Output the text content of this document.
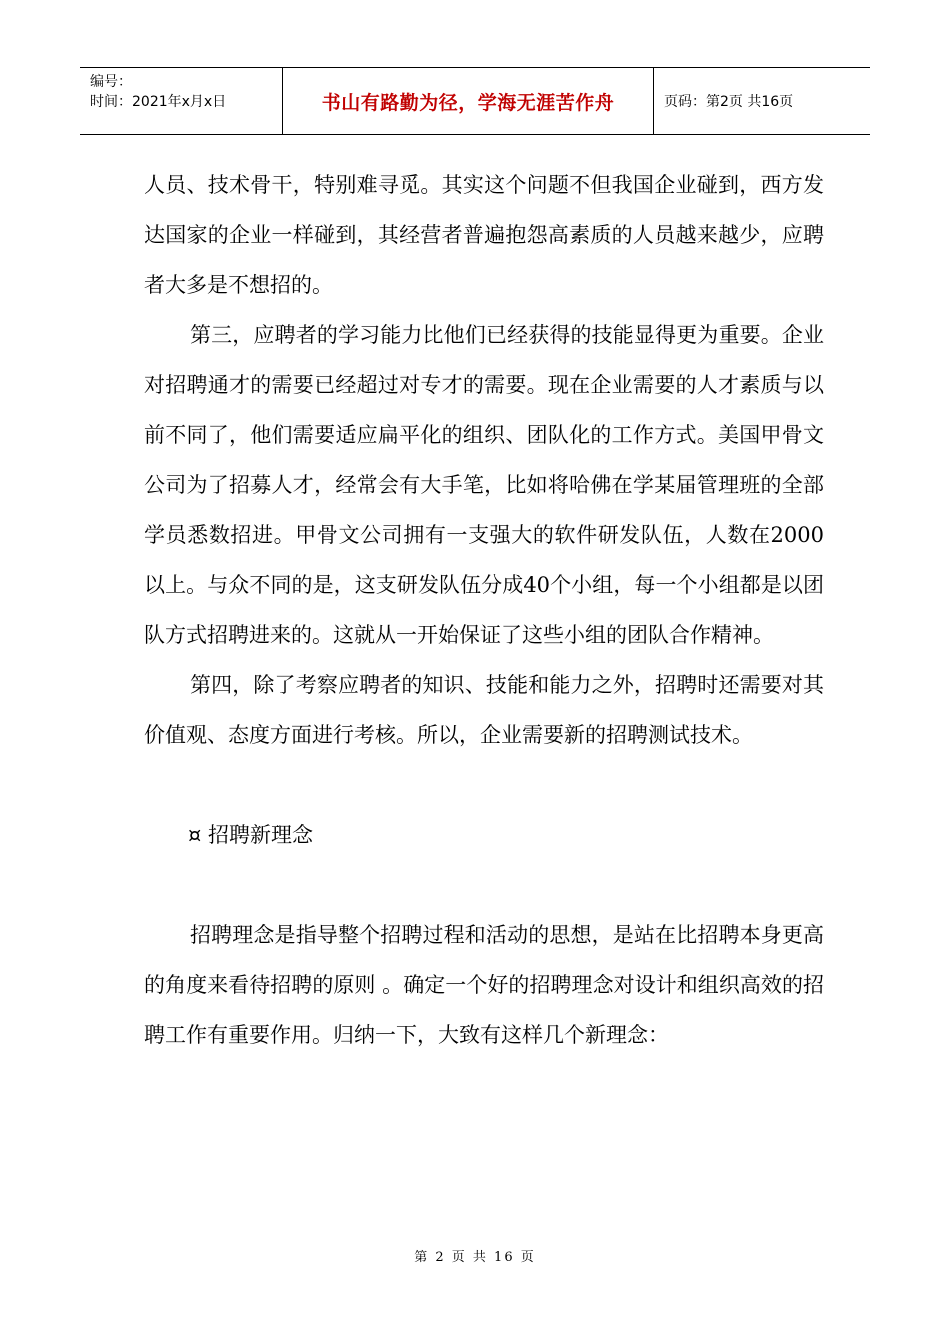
编号：
时间：2021年x月x日	书山有路勤为径，学海无涯苦作舟	页码：第2页 共16页

人员、技术骨干，特别难寻觅。其实这个问题不但我国企业碰到，西方发达国家的企业一样碰到，其经营者普遍抱怨高素质的人员越来越少，应聘者大多是不想招的。

第三，应聘者的学习能力比他们已经获得的技能显得更为重要。企业对招聘通才的需要已经超过对专才的需要。现在企业需要的人才素质与以前不同了，他们需要适应扁平化的组织、团队化的工作方式。美国甲骨文公司为了招募人才，经常会有大手笔，比如将哈佛在学某届管理班的全部学员悉数招进。甲骨文公司拥有一支强大的软件研发队伍，人数在2000以上。与众不同的是，这支研发队伍分成40个小组，每一个小组都是以团队方式招聘进来的。这就从一开始保证了这些小组的团队合作精神。

第四，除了考察应聘者的知识、技能和能力之外，招聘时还需要对其价值观、态度方面进行考核。所以，企业需要新的招聘测试技术。

¤ 招聘新理念

招聘理念是指导整个招聘过程和活动的思想，是站在比招聘本身更高的角度来看待招聘的原则 。确定一个好的招聘理念对设计和组织高效的招聘工作有重要作用。归纳一下，大致有这样几个新理念：

第 2 页 共 16 页
